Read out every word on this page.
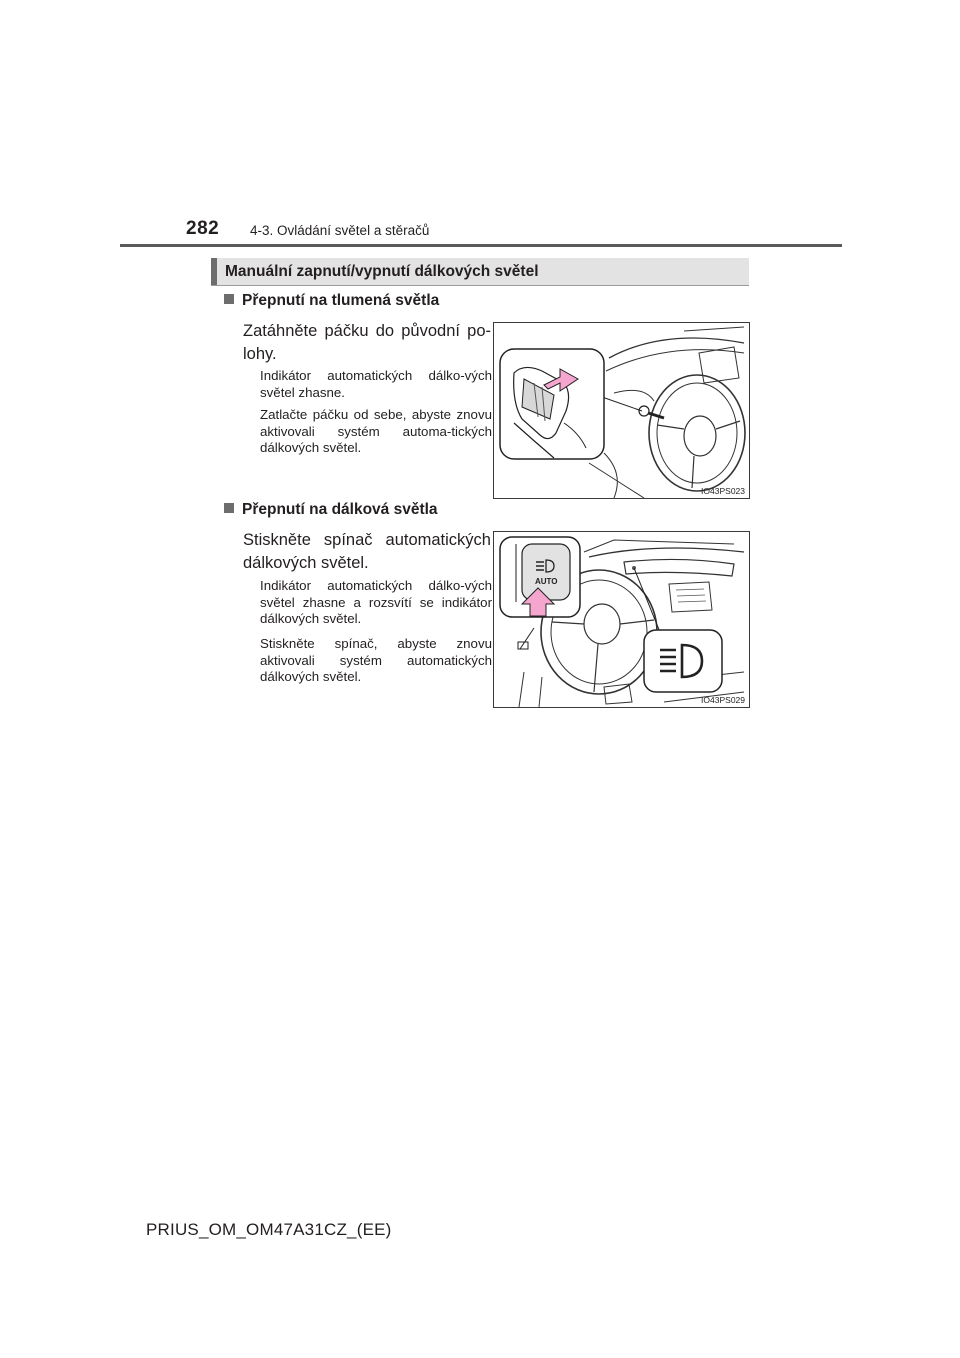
282 4-3. Ovládání světel a stěračů
Manuální zapnutí/vypnutí dálkových světel
Přepnutí na tlumená světla
Zatáhněte páčku do původní po-lohy.
Indikátor automatických dálko-vých světel zhasne.
Zatlačte páčku od sebe, abyste znovu aktivovali systém automa-tických dálkových světel.
IO43PS023
Přepnutí na dálková světla
Stiskněte spínač automatických dálkových světel.
Indikátor automatických dálko-vých světel zhasne a rozsvítí se indikátor dálkových světel.
Stiskněte spínač, abyste znovu aktivovali systém automatických dálkových světel.
AUTO
IO43PS029
PRIUS_OM_OM47A31CZ_(EE)
